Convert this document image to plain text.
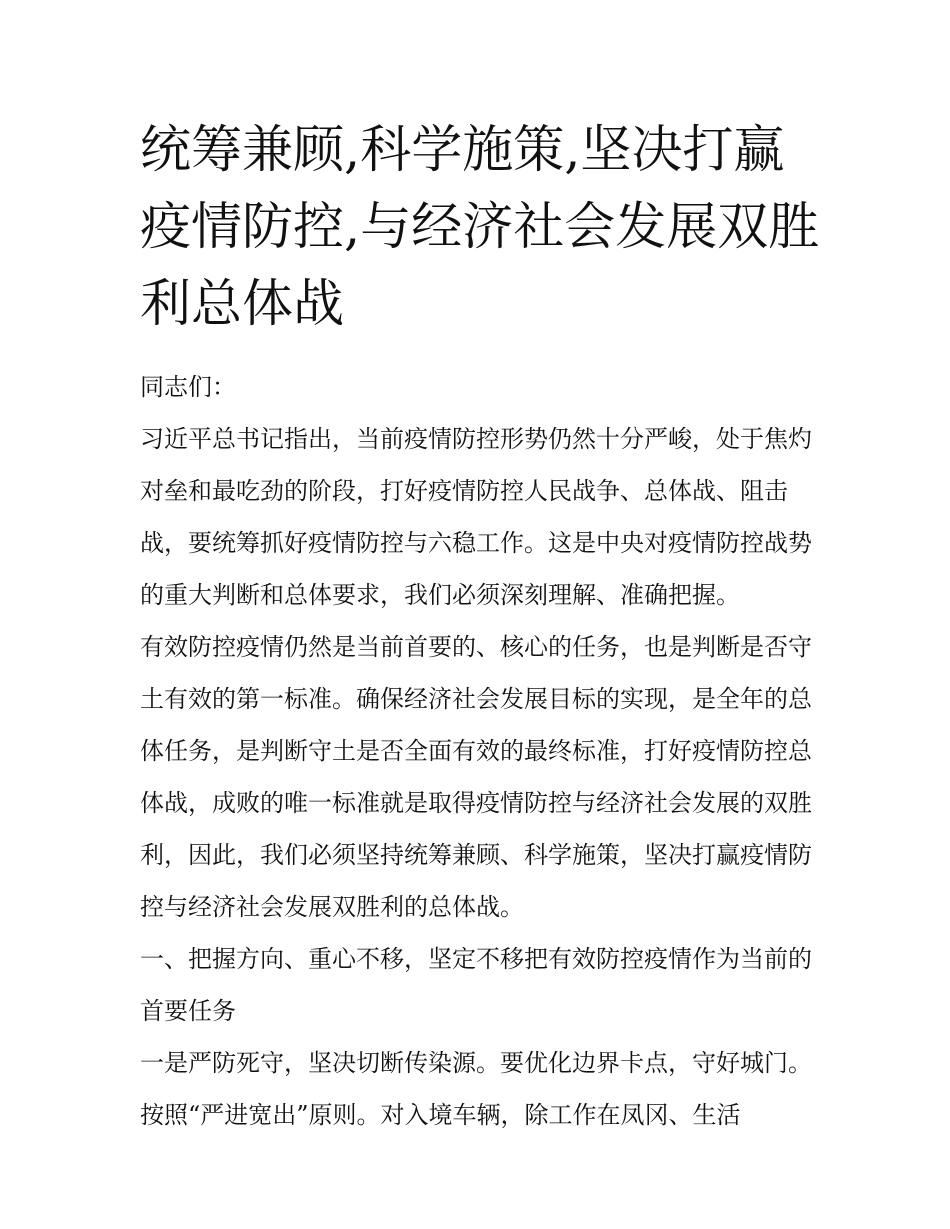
统筹兼顾,科学施策,坚决打赢疫情防控,与经济社会发展双胜利总体战

同志们：

习近平总书记指出，当前疫情防控形势仍然十分严峻，处于焦灼对垒和最吃劲的阶段，打好疫情防控人民战争、总体战、阻击战，要统筹抓好疫情防控与六稳工作。这是中央对疫情防控战势的重大判断和总体要求，我们必须深刻理解、准确把握。

有效防控疫情仍然是当前首要的、核心的任务，也是判断是否守土有效的第一标准。确保经济社会发展目标的实现，是全年的总体任务，是判断守土是否全面有效的最终标准，打好疫情防控总体战，成败的唯一标准就是取得疫情防控与经济社会发展的双胜利，因此，我们必须坚持统筹兼顾、科学施策，坚决打赢疫情防控与经济社会发展双胜利的总体战。

一、把握方向、重心不移，坚定不移把有效防控疫情作为当前的首要任务

一是严防死守，坚决切断传染源。要优化边界卡点，守好城门。按照“严进宽出”原则。对入境车辆，除工作在凤冈、生活
